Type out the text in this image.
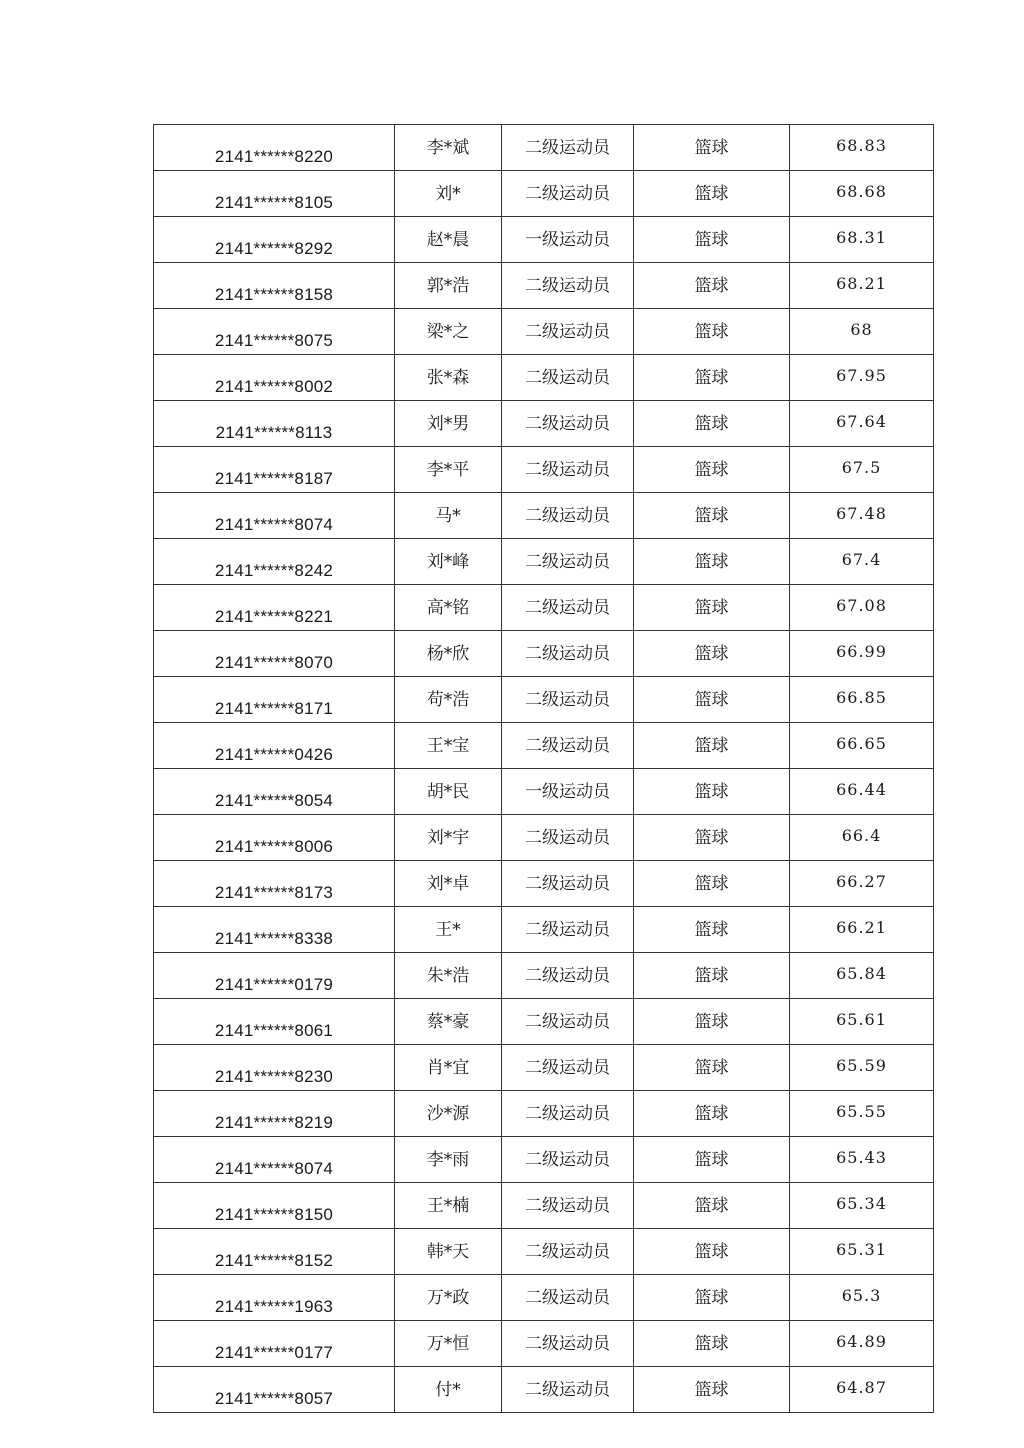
2141******8220	李*斌	二级运动员	篮球	68.83
2141******8105	刘*	二级运动员	篮球	68.68
2141******8292	赵*晨	一级运动员	篮球	68.31
2141******8158	郭*浩	二级运动员	篮球	68.21
2141******8075	梁*之	二级运动员	篮球	68
2141******8002	张*森	二级运动员	篮球	67.95
2141******8113	刘*男	二级运动员	篮球	67.64
2141******8187	李*平	二级运动员	篮球	67.5
2141******8074	马*	二级运动员	篮球	67.48
2141******8242	刘*峰	二级运动员	篮球	67.4
2141******8221	高*铭	二级运动员	篮球	67.08
2141******8070	杨*欣	二级运动员	篮球	66.99
2141******8171	苟*浩	二级运动员	篮球	66.85
2141******0426	王*宝	二级运动员	篮球	66.65
2141******8054	胡*民	一级运动员	篮球	66.44
2141******8006	刘*宇	二级运动员	篮球	66.4
2141******8173	刘*卓	二级运动员	篮球	66.27
2141******8338	王*	二级运动员	篮球	66.21
2141******0179	朱*浩	二级运动员	篮球	65.84
2141******8061	蔡*豪	二级运动员	篮球	65.61
2141******8230	肖*宜	二级运动员	篮球	65.59
2141******8219	沙*源	二级运动员	篮球	65.55
2141******8074	李*雨	二级运动员	篮球	65.43
2141******8150	王*楠	二级运动员	篮球	65.34
2141******8152	韩*天	二级运动员	篮球	65.31
2141******1963	万*政	二级运动员	篮球	65.3
2141******0177	万*恒	二级运动员	篮球	64.89
2141******8057	付*	二级运动员	篮球	64.87
